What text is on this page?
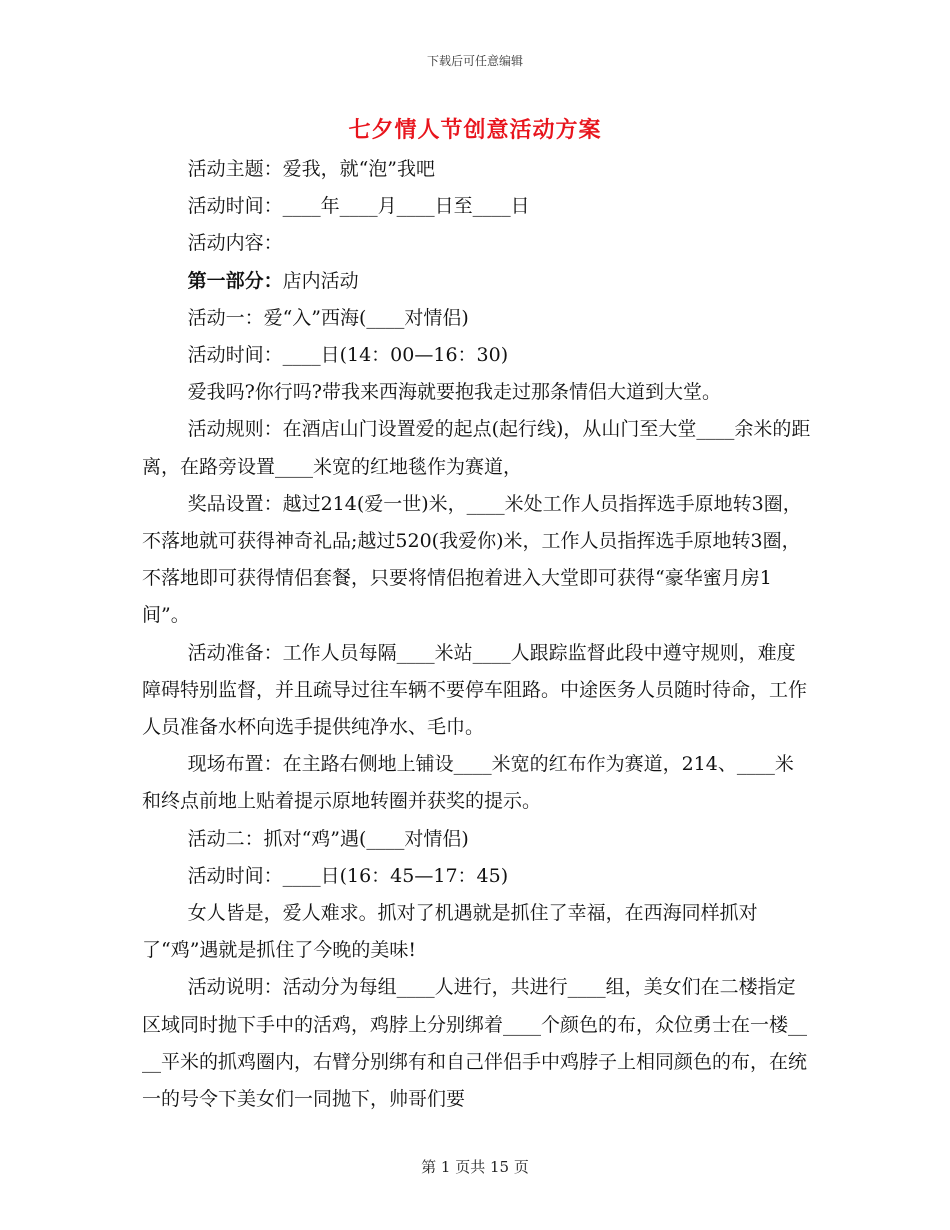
下载后可任意编辑
七夕情人节创意活动方案

活动主题：爱我，就“泡”我吧

活动时间：____年____月____日至____日

活动内容：

第一部分：店内活动

活动一：爱“入”西海(____对情侣)

活动时间：____日(14：00—16：30)

爱我吗?你行吗?带我来西海就要抱我走过那条情侣大道到大堂。

活动规则：在酒店山门设置爱的起点(起行线)，从山门至大堂____余米的距离，在路旁设置____米宽的红地毯作为赛道，

奖品设置：越过214(爱一世)米，____米处工作人员指挥选手原地转3圈，不落地就可获得神奇礼品;越过520(我爱你)米，工作人员指挥选手原地转3圈，不落地即可获得情侣套餐，只要将情侣抱着进入大堂即可获得“豪华蜜月房1间”。

活动准备：工作人员每隔____米站____人跟踪监督此段中遵守规则，难度障碍特别监督，并且疏导过往车辆不要停车阻路。中途医务人员随时待命，工作人员准备水杯向选手提供纯净水、毛巾。

现场布置：在主路右侧地上铺设____米宽的红布作为赛道，214、____米和终点前地上贴着提示原地转圈并获奖的提示。

活动二：抓对“鸡”遇(____对情侣)

活动时间：____日(16：45—17：45)

女人皆是，爱人难求。抓对了机遇就是抓住了幸福，在西海同样抓对了“鸡”遇就是抓住了今晚的美味!

活动说明：活动分为每组____人进行，共进行____组，美女们在二楼指定区域同时抛下手中的活鸡，鸡脖上分别绑着____个颜色的布，众位勇士在一楼____平米的抓鸡圈内，右臂分别绑有和自己伴侣手中鸡脖子上相同颜色的布，在统一的号令下美女们一同抛下，帅哥们要

第 1 页共 15 页
